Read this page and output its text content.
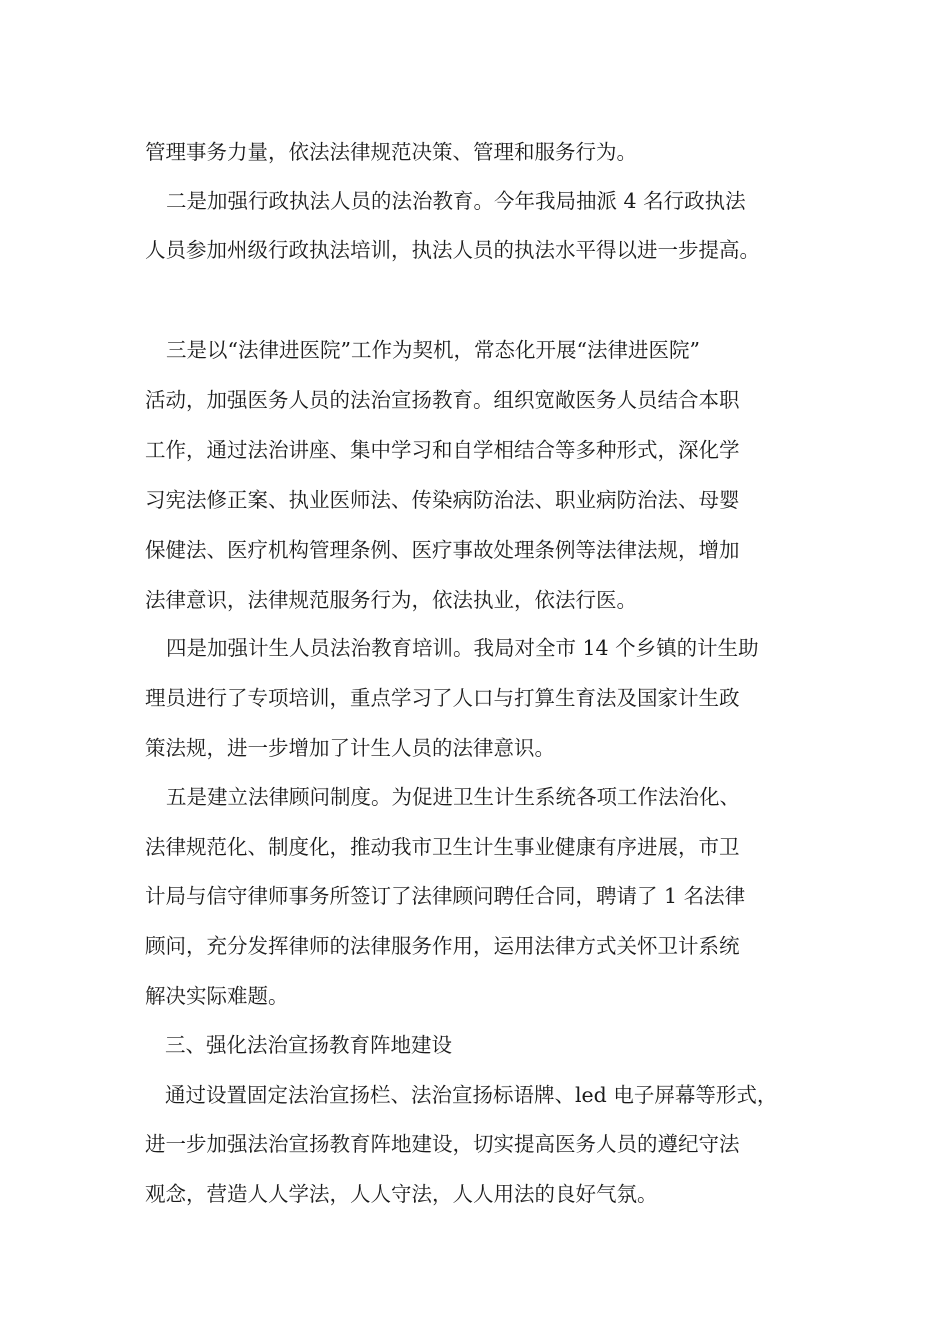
管理事务力量，依法法律规范决策、管理和服务行为。
二是加强行政执法人员的法治教育。今年我局抽派 4 名行政执法
人员参加州级行政执法培训，执法人员的执法水平得以进一步提高。
三是以“法律进医院”工作为契机，常态化开展“法律进医院”
活动，加强医务人员的法治宣扬教育。组织宽敞医务人员结合本职
工作，通过法治讲座、集中学习和自学相结合等多种形式，深化学
习宪法修正案、执业医师法、传染病防治法、职业病防治法、母婴
保健法、医疗机构管理条例、医疗事故处理条例等法律法规，增加
法律意识，法律规范服务行为，依法执业，依法行医。
四是加强计生人员法治教育培训。我局对全市 14 个乡镇的计生助
理员进行了专项培训，重点学习了人口与打算生育法及国家计生政
策法规，进一步增加了计生人员的法律意识。
五是建立法律顾问制度。为促进卫生计生系统各项工作法治化、
法律规范化、制度化，推动我市卫生计生事业健康有序进展，市卫
计局与信守律师事务所签订了法律顾问聘任合同，聘请了 1 名法律
顾问，充分发挥律师的法律服务作用，运用法律方式关怀卫计系统
解决实际难题。
三、强化法治宣扬教育阵地建设
通过设置固定法治宣扬栏、法治宣扬标语牌、led 电子屏幕等形式，
进一步加强法治宣扬教育阵地建设，切实提高医务人员的遵纪守法
观念，营造人人学法，人人守法，人人用法的良好气氛。
